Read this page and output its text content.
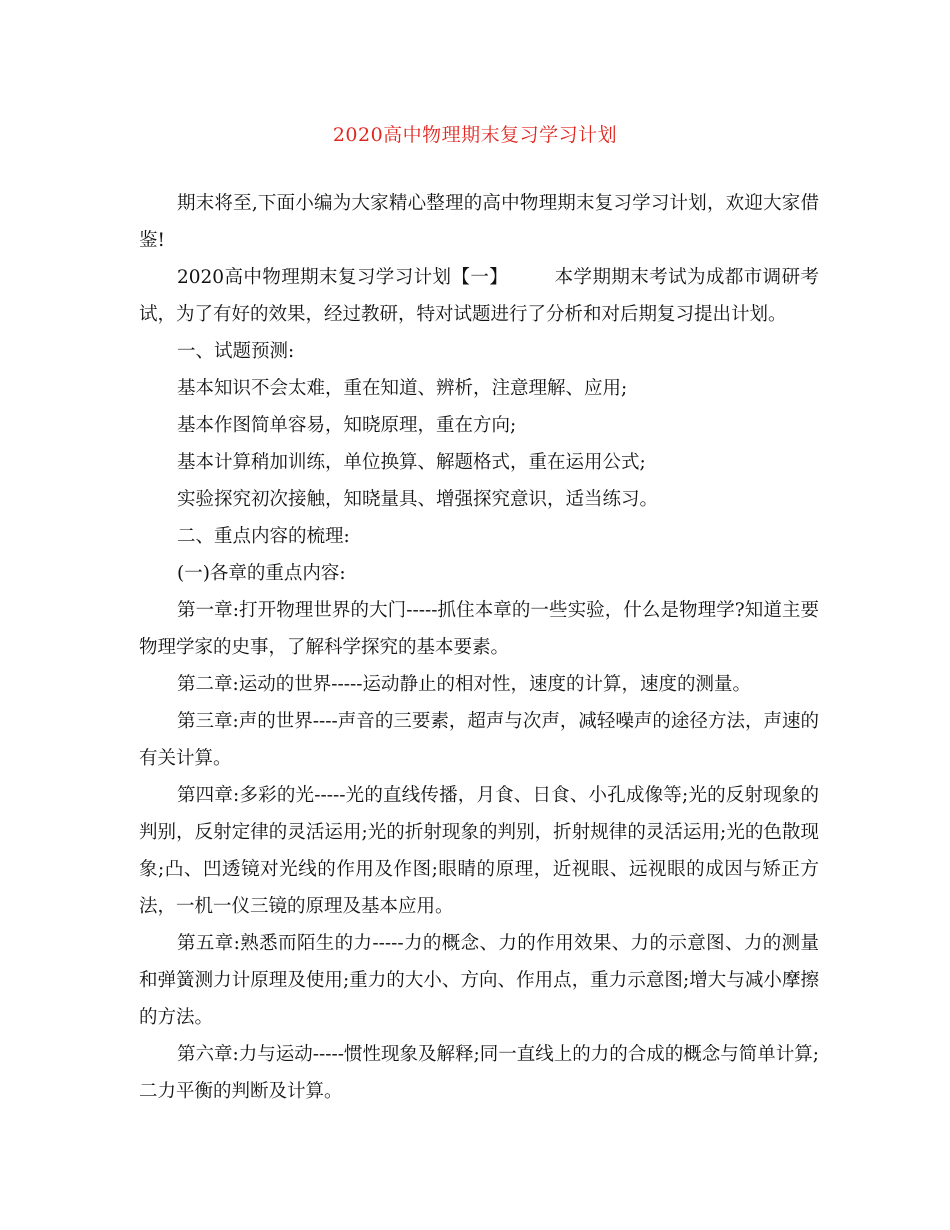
2020高中物理期末复习学习计划

期末将至,下面小编为大家精心整理的高中物理期末复习学习计划，欢迎大家借鉴!

2020高中物理期末复习学习计划【一】 本学期期末考试为成都市调研考试，为了有好的效果，经过教研，特对试题进行了分析和对后期复习提出计划。

一、试题预测:

基本知识不会太难，重在知道、辨析，注意理解、应用;

基本作图简单容易，知晓原理，重在方向;

基本计算稍加训练，单位换算、解题格式，重在运用公式;

实验探究初次接触，知晓量具、增强探究意识，适当练习。

二、重点内容的梳理:

(一)各章的重点内容:

第一章:打开物理世界的大门-----抓住本章的一些实验，什么是物理学?知道主要物理学家的史事，了解科学探究的基本要素。

第二章:运动的世界-----运动静止的相对性，速度的计算，速度的测量。

第三章:声的世界----声音的三要素，超声与次声，减轻噪声的途径方法，声速的有关计算。

第四章:多彩的光-----光的直线传播，月食、日食、小孔成像等;光的反射现象的判别，反射定律的灵活运用;光的折射现象的判别，折射规律的灵活运用;光的色散现象;凸、凹透镜对光线的作用及作图;眼睛的原理，近视眼、远视眼的成因与矫正方法，一机一仪三镜的原理及基本应用。

第五章:熟悉而陌生的力-----力的概念、力的作用效果、力的示意图、力的测量和弹簧测力计原理及使用;重力的大小、方向、作用点，重力示意图;增大与减小摩擦的方法。

第六章:力与运动-----惯性现象及解释;同一直线上的力的合成的概念与简单计算;二力平衡的判断及计算。
